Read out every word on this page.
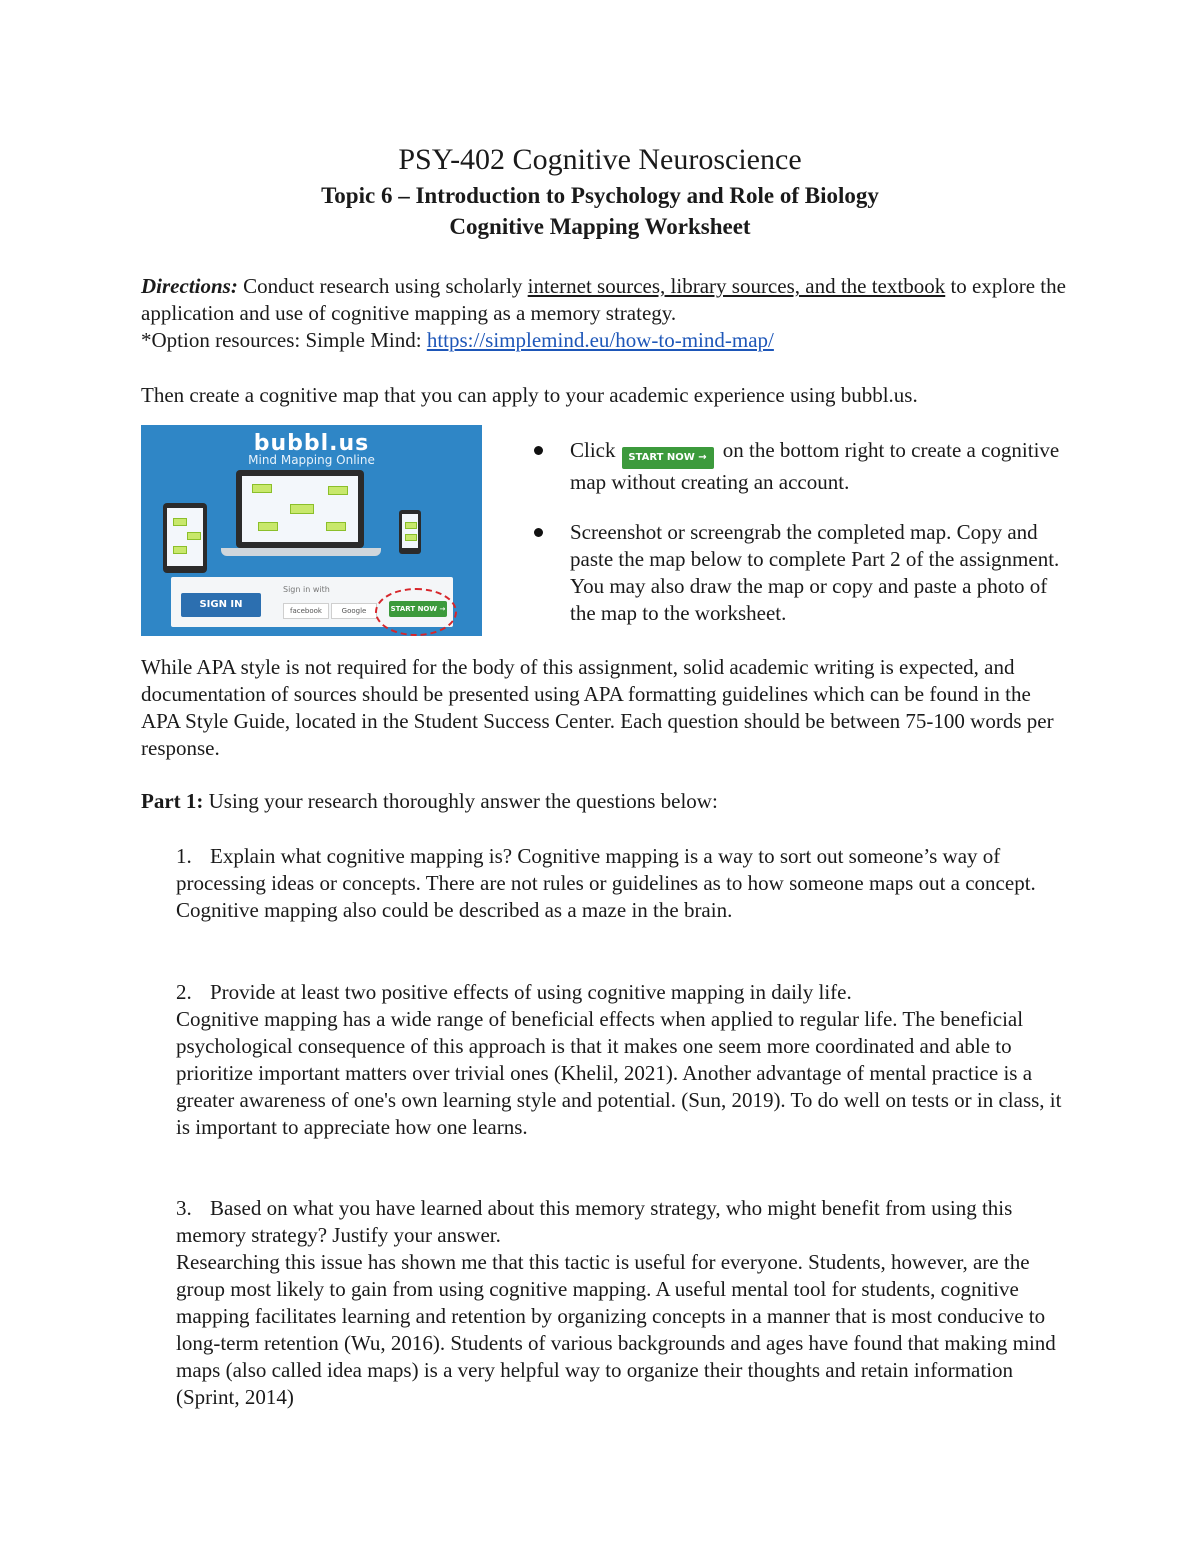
PSY-402 Cognitive Neuroscience
Topic 6 – Introduction to Psychology and Role of Biology
Cognitive Mapping Worksheet

Directions: Conduct research using scholarly internet sources, library sources, and the textbook to explore the application and use of cognitive mapping as a memory strategy.
*Option resources: Simple Mind: https://simplemind.eu/how-to-mind-map/

Then create a cognitive map that you can apply to your academic experience using bubbl.us.

bubbl.us
Mind Mapping Online
SIGN IN
Sign in with
facebook	Google	START NOW →

Click START NOW → on the bottom right to create a cognitive map without creating an account.

Screenshot or screengrab the completed map. Copy and paste the map below to complete Part 2 of the assignment. You may also draw the map or copy and paste a photo of the map to the worksheet.

While APA style is not required for the body of this assignment, solid academic writing is expected, and documentation of sources should be presented using APA formatting guidelines which can be found in the APA Style Guide, located in the Student Success Center. Each question should be between 75-100 words per response.

Part 1: Using your research thoroughly answer the questions below:

1. Explain what cognitive mapping is? Cognitive mapping is a way to sort out someone’s way of processing ideas or concepts. There are not rules or guidelines as to how someone maps out a concept. Cognitive mapping also could be described as a maze in the brain.

2. Provide at least two positive effects of using cognitive mapping in daily life.
Cognitive mapping has a wide range of beneficial effects when applied to regular life. The beneficial psychological consequence of this approach is that it makes one seem more coordinated and able to prioritize important matters over trivial ones (Khelil, 2021). Another advantage of mental practice is a greater awareness of one's own learning style and potential. (Sun, 2019). To do well on tests or in class, it is important to appreciate how one learns.

3. Based on what you have learned about this memory strategy, who might benefit from using this memory strategy? Justify your answer.
Researching this issue has shown me that this tactic is useful for everyone. Students, however, are the group most likely to gain from using cognitive mapping. A useful mental tool for students, cognitive mapping facilitates learning and retention by organizing concepts in a manner that is most conducive to long-term retention (Wu, 2016). Students of various backgrounds and ages have found that making mind maps (also called idea maps) is a very helpful way to organize their thoughts and retain information (Sprint, 2014)
